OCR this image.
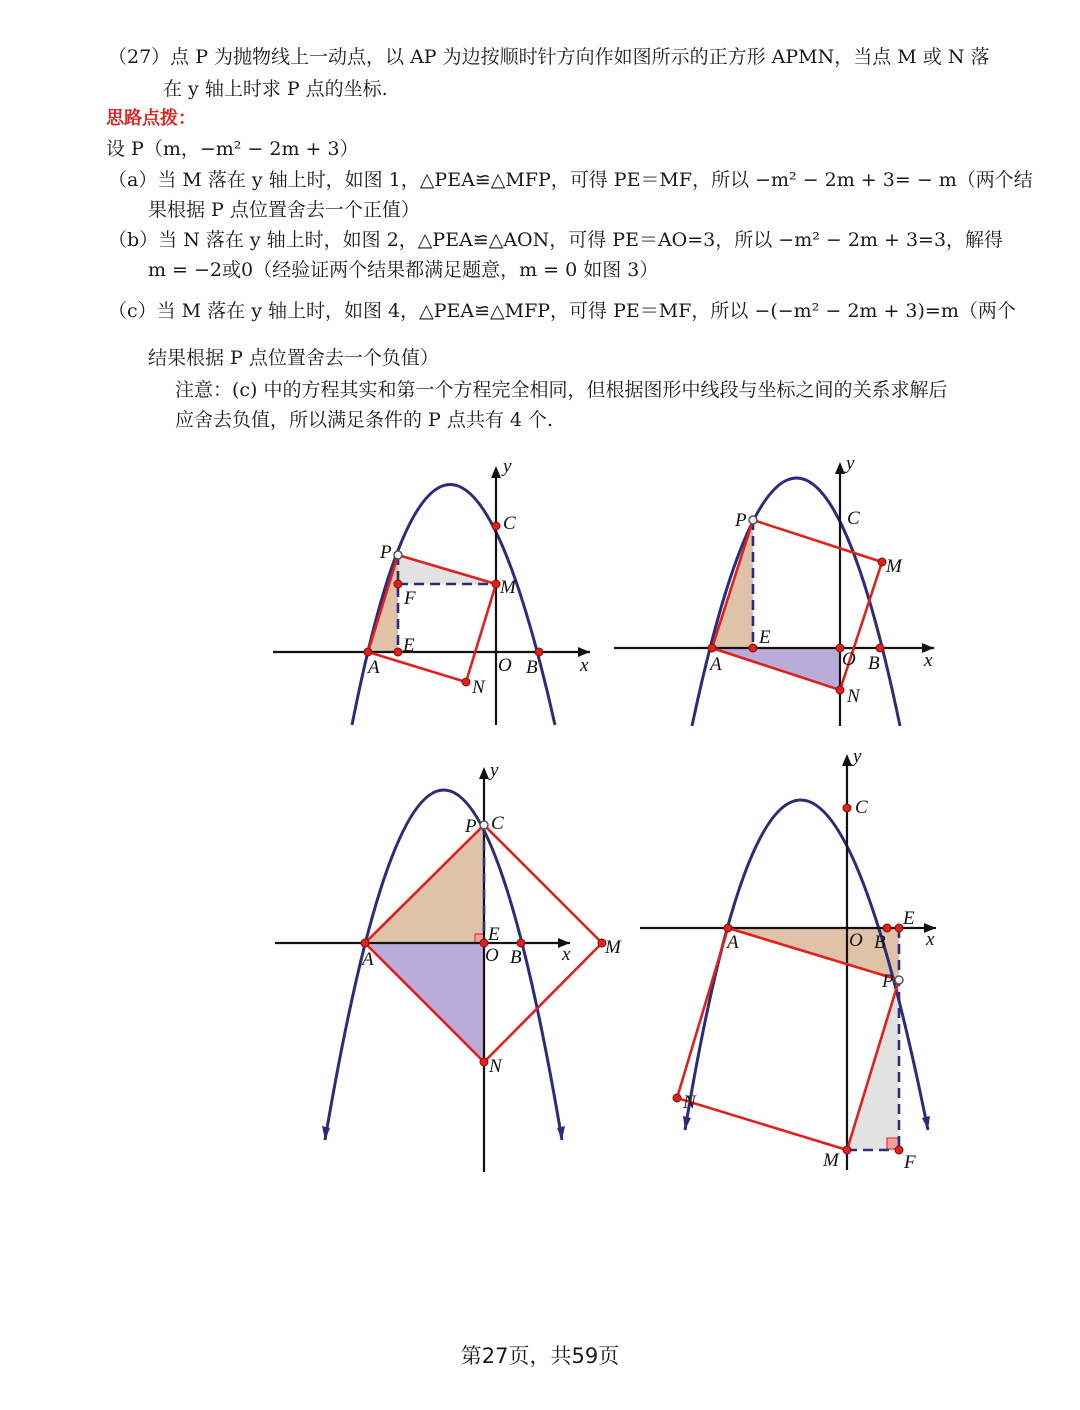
（27）点 P 为抛物线上一动点，以 AP 为边按顺时针方向作如图所示的正方形 APMN，当点 M 或 N 落
在 y 轴上时求 P 点的坐标.
思路点拨：
设 P（m，−m² − 2m + 3）
（a）当 M 落在 y 轴上时，如图 1，△PEA≌△MFP，可得 PE＝MF，所以 −m² − 2m + 3= − m（两个结
果根据 P 点位置舍去一个正值）
（b）当 N 落在 y 轴上时，如图 2，△PEA≌△AON，可得 PE＝AO=3，所以 −m² − 2m + 3=3，解得
m = −2或0（经验证两个结果都满足题意，m = 0 如图 3）
（c）当 M 落在 y 轴上时，如图 4，△PEA≌△MFP，可得 PE＝MF，所以 −(−m² − 2m + 3)=m（两个
结果根据 P 点位置舍去一个负值）
注意：(c) 中的方程其实和第一个方程完全相同，但根据图形中线段与坐标之间的关系求解后
应舍去负值，所以满足条件的 P 点共有 4 个.
y
x
C
P
M
F
E
A	O B
N
y
x
C
P
M
E
A	O B
N
y
x
P C
E
O B
A
M
N
y
x
C
E
O B
A
P
N
M	F
第27页，共59页
